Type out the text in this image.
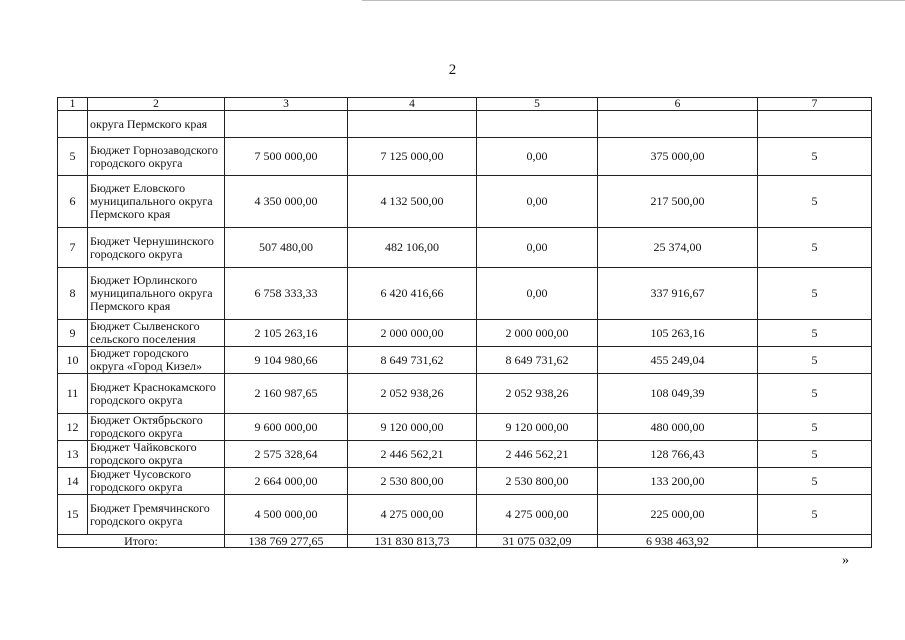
2
1	2	3	4	5	6	7
	округа Пермского края					
5	Бюджет Горнозаводского городского округа	7 500 000,00	7 125 000,00	0,00	375 000,00	5
6	Бюджет Еловского муниципального округа Пермского края	4 350 000,00	4 132 500,00	0,00	217 500,00	5
7	Бюджет Чернушинского городского округа	507 480,00	482 106,00	0,00	25 374,00	5
8	Бюджет Юрлинского муниципального округа Пермского края	6 758 333,33	6 420 416,66	0,00	337 916,67	5
9	Бюджет Сылвенского сельского поселения	2 105 263,16	2 000 000,00	2 000 000,00	105 263,16	5
10	Бюджет городского округа «Город Кизел»	9 104 980,66	8 649 731,62	8 649 731,62	455 249,04	5
11	Бюджет Краснокамского городского округа	2 160 987,65	2 052 938,26	2 052 938,26	108 049,39	5
12	Бюджет Октябрьского городского округа	9 600 000,00	9 120 000,00	9 120 000,00	480 000,00	5
13	Бюджет Чайковского городского округа	2 575 328,64	2 446 562,21	2 446 562,21	128 766,43	5
14	Бюджет Чусовского городского округа	2 664 000,00	2 530 800,00	2 530 800,00	133 200,00	5
15	Бюджет Гремячинского городского округа	4 500 000,00	4 275 000,00	4 275 000,00	225 000,00	5
Итого:		138 769 277,65	131 830 813,73	31 075 032,09	6 938 463,92	
»
